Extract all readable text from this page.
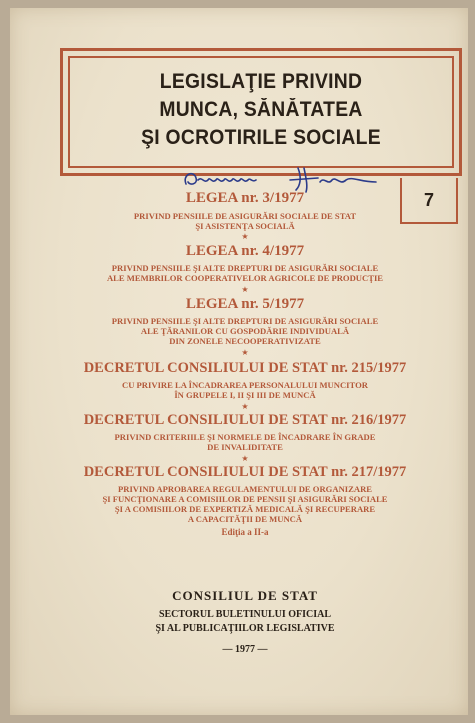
LEGISLAŢIE PRIVIND
MUNCA, SĂNĂTATEA
ŞI OCROTIRILE SOCIALE
7
LEGEA nr. 3/1977
PRIVIND PENSIILE DE ASIGURĂRI SOCIALE DE STAT
ŞI ASISTENŢA SOCIALĂ
★
LEGEA nr. 4/1977
PRIVIND PENSIILE ŞI ALTE DREPTURI DE ASIGURĂRI SOCIALE
ALE MEMBRILOR COOPERATIVELOR AGRICOLE DE PRODUCŢIE
★
LEGEA nr. 5/1977
PRIVIND PENSIILE ŞI ALTE DREPTURI DE ASIGURĂRI SOCIALE
ALE ŢĂRANILOR CU GOSPODĂRIE INDIVIDUALĂ
DIN ZONELE NECOOPERATIVIZATE
★
DECRETUL CONSILIULUI DE STAT nr. 215/1977
CU PRIVIRE LA ÎNCADRAREA PERSONALULUI MUNCITOR
ÎN GRUPELE I, II ŞI III DE MUNCĂ
★
DECRETUL CONSILIULUI DE STAT nr. 216/1977
PRIVIND CRITERIILE ŞI NORMELE DE ÎNCADRARE ÎN GRADE
DE INVALIDITATE
★
DECRETUL CONSILIULUI DE STAT nr. 217/1977
PRIVIND APROBAREA REGULAMENTULUI DE ORGANIZARE
ŞI FUNCŢIONARE A COMISIILOR DE PENSII ŞI ASIGURĂRI SOCIALE
ŞI A COMISIILOR DE EXPERTIZĂ MEDICALĂ ŞI RECUPERARE
A CAPACITĂŢII DE MUNCĂ
Ediţia a II-a
CONSILIUL DE STAT
SECTORUL BULETINULUI OFICIAL
ŞI AL PUBLICAŢIILOR LEGISLATIVE
— 1977 —
